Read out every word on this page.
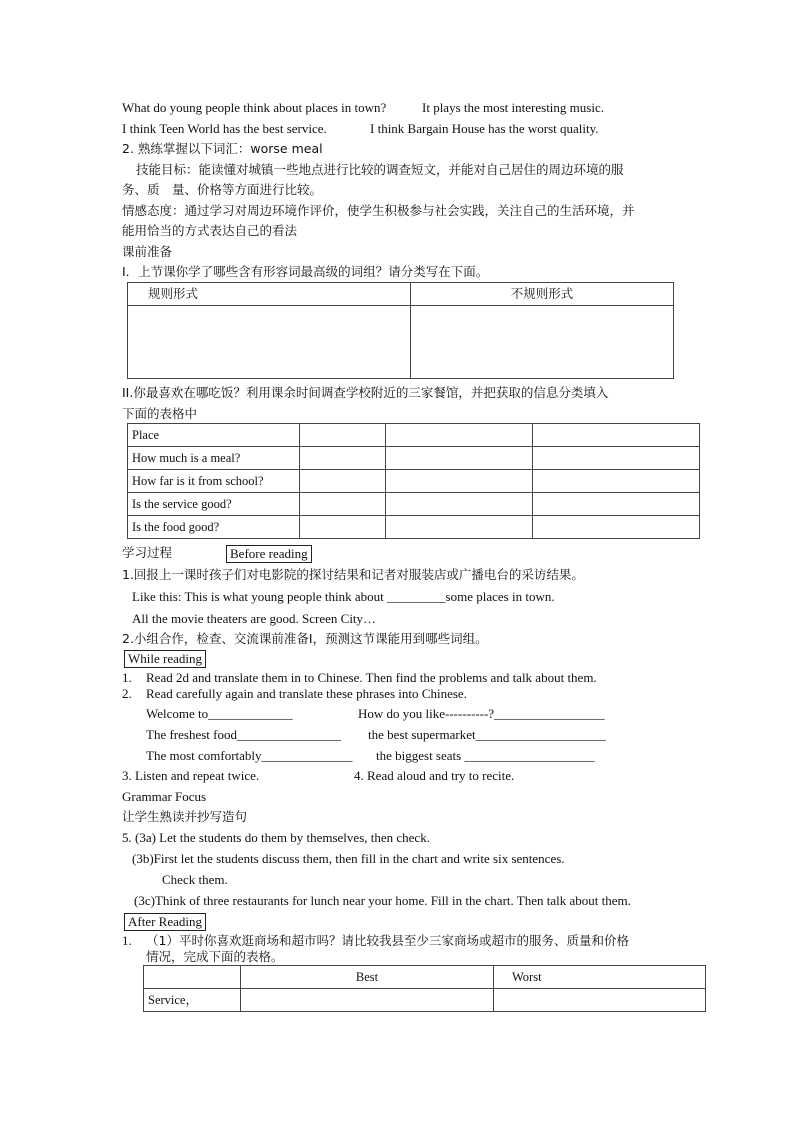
What do young people think about places in town?	It plays the most interesting music.
I think Teen World has the best service.	I think Bargain House has the worst quality.
2. 熟练掌握以下词汇：worse meal
技能目标：能读懂对城镇一些地点进行比较的调查短文，并能对自己居住的周边环境的服
务、质　量、价格等方面进行比较。
情感态度：通过学习对周边环境作评价，使学生积极参与社会实践，关注自己的生活环境，并
能用恰当的方式表达自己的看法
课前准备
Ⅰ．上节课你学了哪些含有形容词最高级的词组？请分类写在下面。
规则形式	不规则形式

II.你最喜欢在哪吃饭？利用课余时间调查学校附近的三家餐馆，并把获取的信息分类填入
下面的表格中
Place			
How much is a meal?			
How far is it from school?			
Is the service good?			
Is the food good?			
学习过程	Before reading
1.回报上一课时孩子们对电影院的探讨结果和记者对服装店或广播电台的采访结果。
Like this: This is what young people think about _________some places in town.
All the movie theaters are good. Screen City…
2.小组合作，检查、交流课前准备Ⅰ，预测这节课能用到哪些词组。
While reading
1. Read 2d and translate them in to Chinese. Then find the problems and talk about them.
2. Read carefully again and translate these phrases into Chinese.
Welcome to_____________	How do you like----------?_________________
The freshest food________________ the best supermarket____________________
The most comfortably______________ the biggest seats ____________________
3. Listen and repeat twice.	4. Read aloud and try to recite.
Grammar Focus
让学生熟读并抄写造句
5. (3a) Let the students do them by themselves, then check.
(3b)First let the students discuss them, then fill in the chart and write six sentences.
Check them.
(3c)Think of three restaurants for lunch near your home. Fill in the chart. Then talk about them.
After Reading
1. （1）平时你喜欢逛商场和超市吗？请比较我县至少三家商场或超市的服务、质量和价格
情况，完成下面的表格。
	Best	Worst
Service，		
